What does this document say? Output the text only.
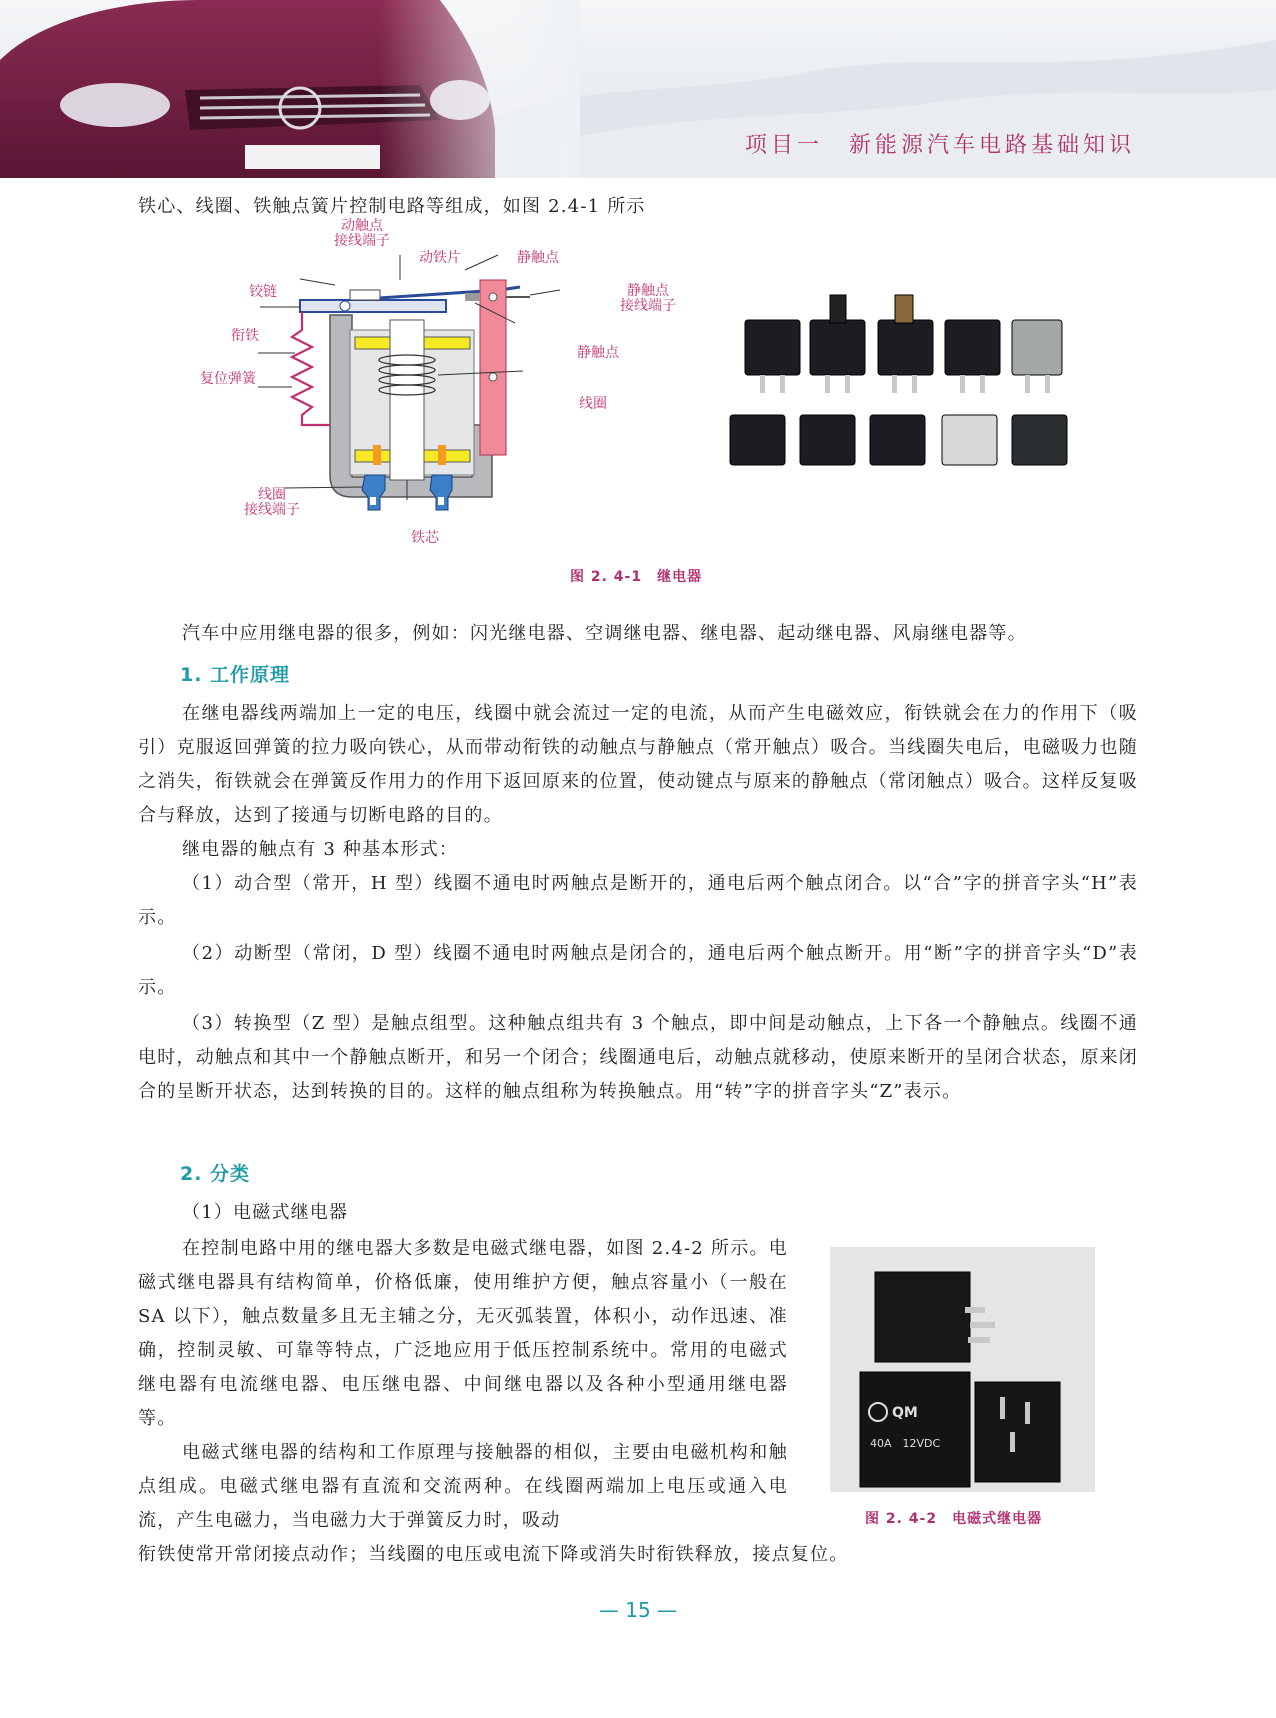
项目一　新能源汽车电路基础知识

铁心、线圈、铁触点簧片控制电路等组成，如图 2.4-1 所示

动触点
接线端子
动铁片	静触点
铰链	静触点
接线端子
衔铁
静触点
复位弹簧
线圈
线圈
接线端子
铁芯
图 2. 4-1　继电器

汽车中应用继电器的很多，例如：闪光继电器、空调继电器、继电器、起动继电器、风扇继电器等。

1. 工作原理

在继电器线两端加上一定的电压，线圈中就会流过一定的电流，从而产生电磁效应，衔铁就会在力的作用下（吸引）克服返回弹簧的拉力吸向铁心，从而带动衔铁的动触点与静触点（常开触点）吸合。当线圈失电后，电磁吸力也随之消失，衔铁就会在弹簧反作用力的作用下返回原来的位置，使动键点与原来的静触点（常闭触点）吸合。这样反复吸合与释放，达到了接通与切断电路的目的。

继电器的触点有 3 种基本形式：

（1）动合型（常开，H 型）线圈不通电时两触点是断开的，通电后两个触点闭合。以“合”字的拼音字头“H”表示。

（2）动断型（常闭，D 型）线圈不通电时两触点是闭合的，通电后两个触点断开。用“断”字的拼音字头“D”表示。

（3）转换型（Z 型）是触点组型。这种触点组共有 3 个触点，即中间是动触点，上下各一个静触点。线圈不通电时，动触点和其中一个静触点断开，和另一个闭合；线圈通电后，动触点就移动，使原来断开的呈闭合状态，原来闭合的呈断开状态，达到转换的目的。这样的触点组称为转换触点。用“转”字的拼音字头“Z”表示。

2. 分类

（1）电磁式继电器

在控制电路中用的继电器大多数是电磁式继电器，如图 2.4-2 所示。电磁式继电器具有结构简单，价格低廉，使用维护方便，触点容量小（一般在 SA 以下），触点数量多且无主辅之分，无灭弧装置，体积小，动作迅速、准确，控制灵敏、可靠等特点，广泛地应用于低压控制系统中。常用的电磁式继电器有电流继电器、电压继电器、中间继电器以及各种小型通用继电器等。

电磁式继电器的结构和工作原理与接触器的相似，主要由电磁机构和触点组成。电磁式继电器有直流和交流两种。在线圈两端加上电压或通入电流，产生电磁力，当电磁力大于弹簧反力时，吸动

衔铁使常开常闭接点动作；当线圈的电压或电流下降或消失时衔铁释放，接点复位。

40A　12VDC
QM
图 2. 4-2　电磁式继电器
— 15 —
